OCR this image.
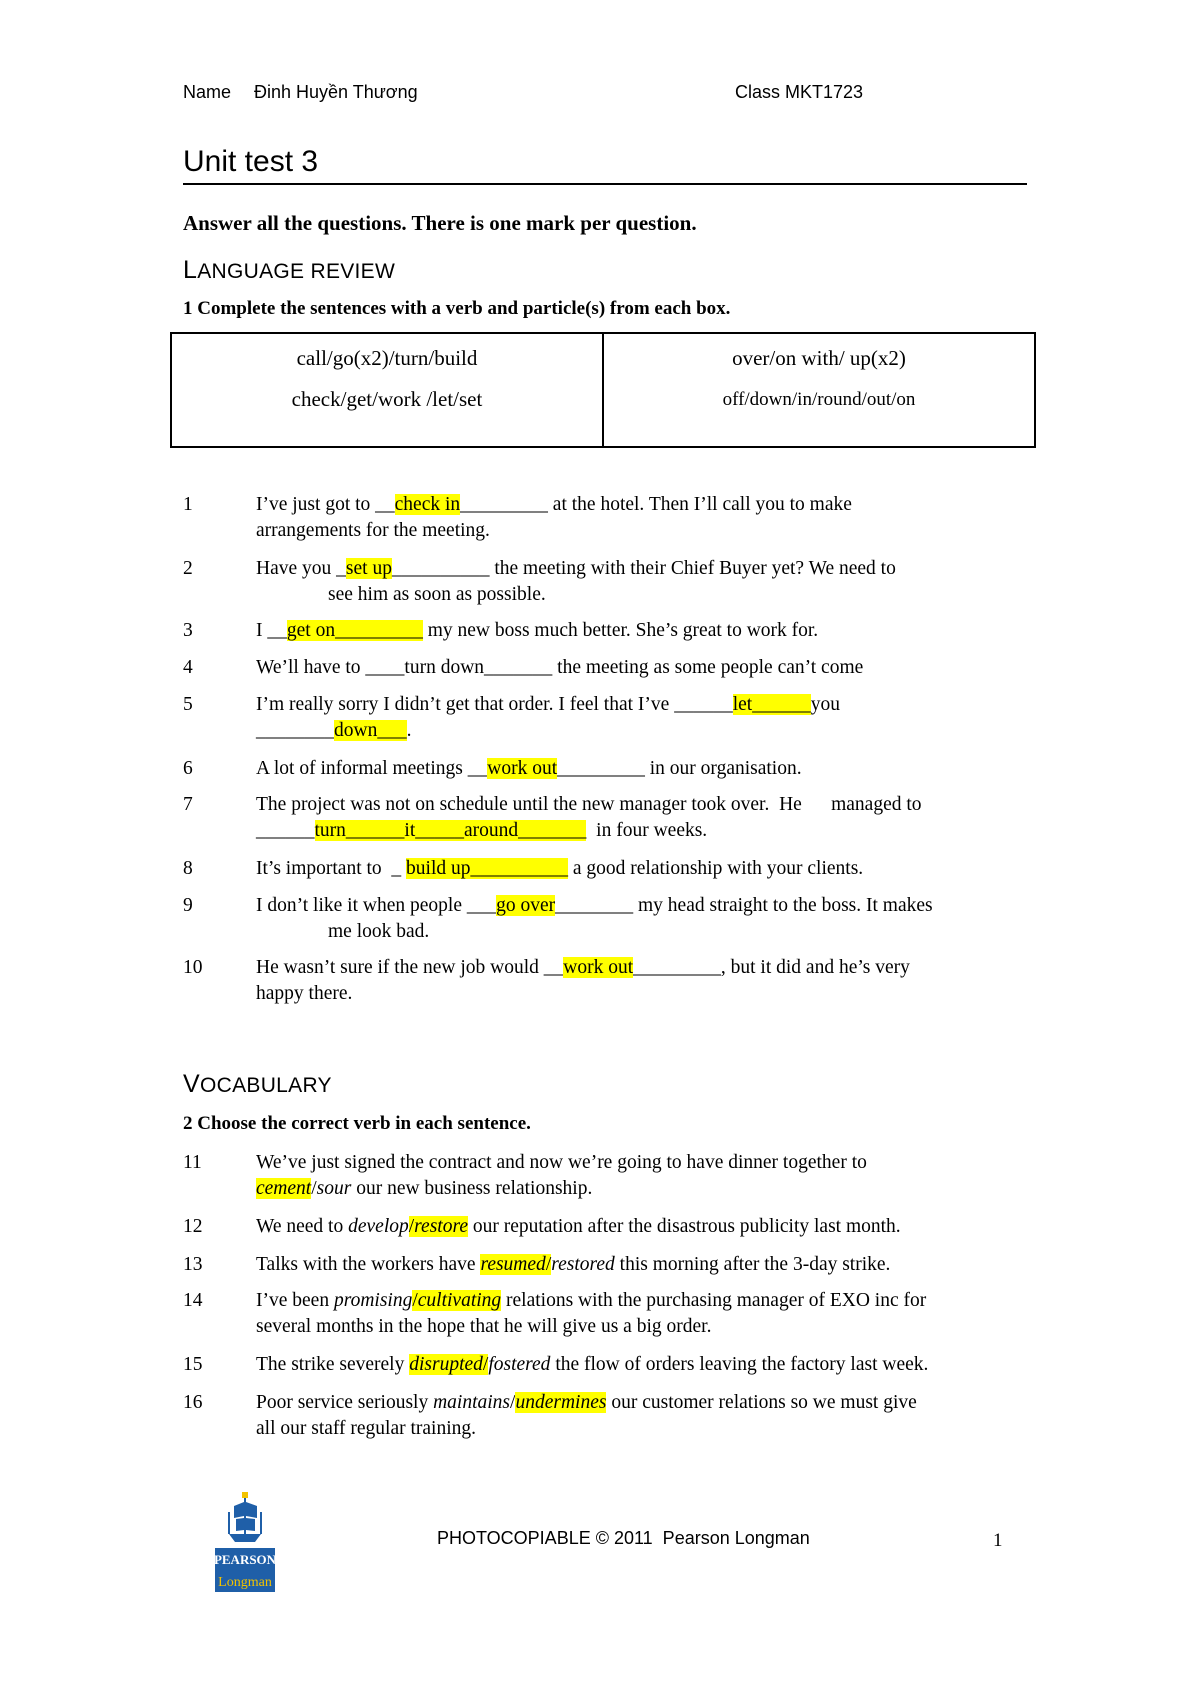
Name Đinh Huyền Thương	Class MKT1723
Unit test 3
Answer all the questions. There is one mark per question.
LANGUAGE REVIEW
1 Complete the sentences with a verb and particle(s) from each box.
call/go(x2)/turn/build
check/get/work /let/set
over/on with/ up(x2)
off/down/in/round/out/on
1	I’ve just got to __check in_________ at the hotel. Then I’ll call you to make
arrangements for the meeting.
2	Have you _set up__________ the meeting with their Chief Buyer yet? We need to
see him as soon as possible.
3	I __get on_________ my new boss much better. She’s great to work for.
4	We’ll have to ____turn down_______ the meeting as some people can’t come
5	I’m really sorry I didn’t get that order. I feel that I’ve ______let______you
________down___.
6	A lot of informal meetings __work out_________ in our organisation.
7	The project was not on schedule until the new manager took over.  He      managed to
______turn______it_____around_______  in four weeks.
8	It’s important to  _ build up__________ a good relationship with your clients.
9	I don’t like it when people ___go over________ my head straight to the boss. It makes
me look bad.
10	He wasn’t sure if the new job would __work out_________, but it did and he’s very
happy there.
VOCABULARY
2 Choose the correct verb in each sentence.
11	We’ve just signed the contract and now we’re going to have dinner together to
cement/sour our new business relationship.
12	We need to develop/restore our reputation after the disastrous publicity last month.
13	Talks with the workers have resumed/restored this morning after the 3-day strike.
14	I’ve been promising/cultivating relations with the purchasing manager of EXO inc for
several months in the hope that he will give us a big order.
15	The strike severely disrupted/fostered the flow of orders leaving the factory last week.
16	Poor service seriously maintains/undermines our customer relations so we must give
all our staff regular training.
PEARSON
Longman
PHOTOCOPIABLE © 2011  Pearson Longman	1
